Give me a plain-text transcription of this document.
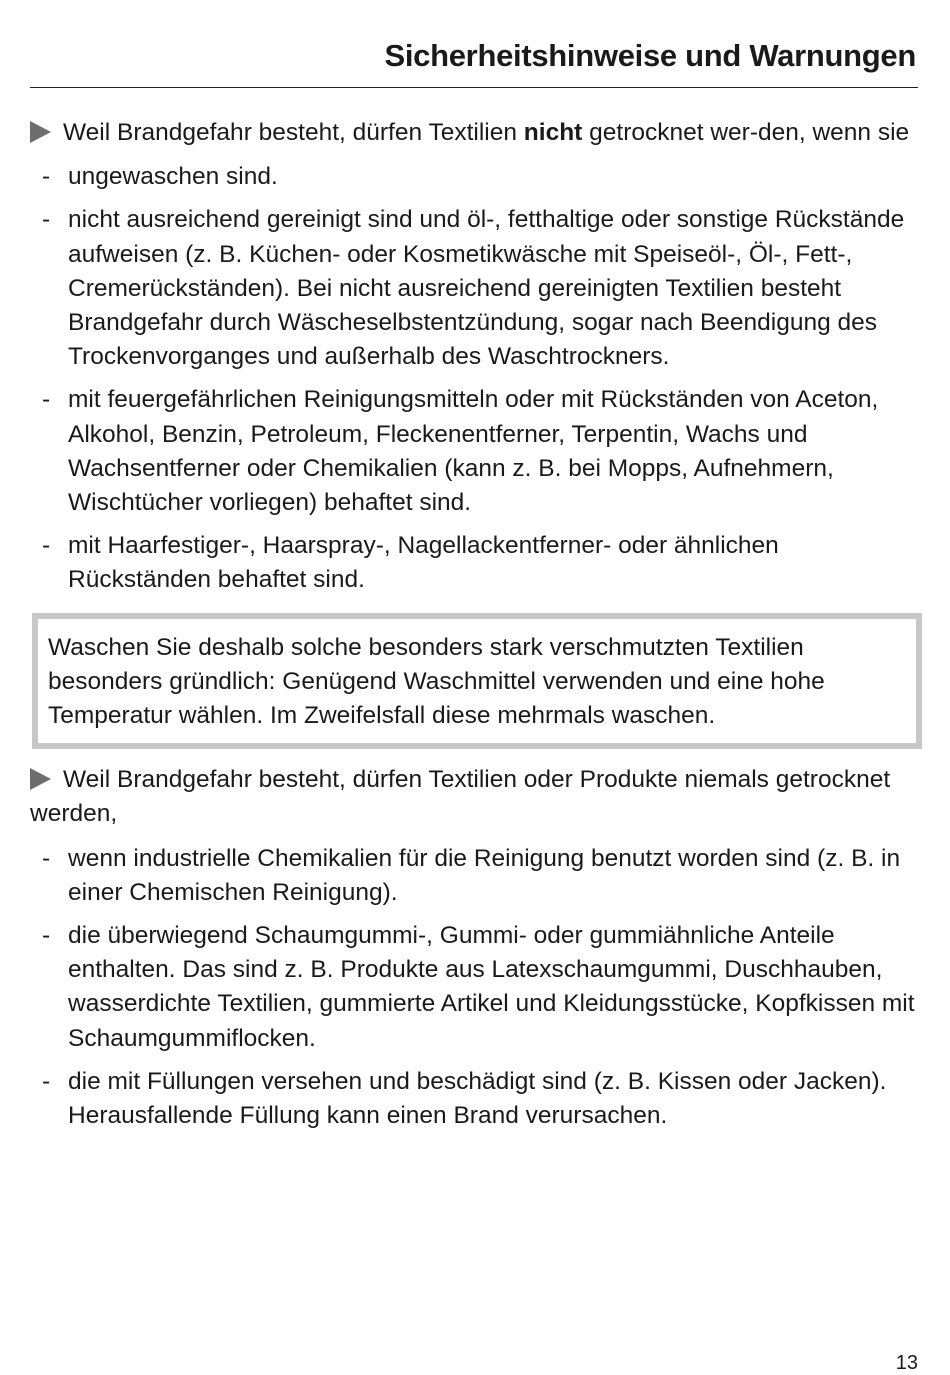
Sicherheitshinweise und Warnungen

Weil Brandgefahr besteht, dürfen Textilien nicht getrocknet wer-den, wenn sie

- ungewaschen sind.
- nicht ausreichend gereinigt sind und öl-, fetthaltige oder sonstige Rückstände aufweisen (z. B. Küchen- oder Kosmetikwäsche mit Speiseöl-, Öl-, Fett-, Cremerückständen). Bei nicht ausreichend gereinigten Textilien besteht Brandgefahr durch Wäscheselbstentzündung, sogar nach Beendigung des Trockenvorganges und außerhalb des Waschtrockners.
- mit feuergefährlichen Reinigungsmitteln oder mit Rückständen von Aceton, Alkohol, Benzin, Petroleum, Fleckenentferner, Terpentin, Wachs und Wachsentferner oder Chemikalien (kann z. B. bei Mopps, Aufnehmern, Wischtücher vorliegen) behaftet sind.
- mit Haarfestiger-, Haarspray-, Nagellackentferner- oder ähnlichen Rückständen behaftet sind.
Waschen Sie deshalb solche besonders stark verschmutzten Textilien besonders gründlich: Genügend Waschmittel verwenden und eine hohe Temperatur wählen. Im Zweifelsfall diese mehrmals waschen.

Weil Brandgefahr besteht, dürfen Textilien oder Produkte niemals getrocknet werden,

- wenn industrielle Chemikalien für die Reinigung benutzt worden sind (z. B. in einer Chemischen Reinigung).
- die überwiegend Schaumgummi-, Gummi- oder gummiähnliche Anteile enthalten. Das sind z. B. Produkte aus Latexschaumgummi, Duschhauben, wasserdichte Textilien, gummierte Artikel und Kleidungsstücke, Kopfkissen mit Schaumgummiflocken.
- die mit Füllungen versehen und beschädigt sind (z. B. Kissen oder Jacken). Herausfallende Füllung kann einen Brand verursachen.
13
